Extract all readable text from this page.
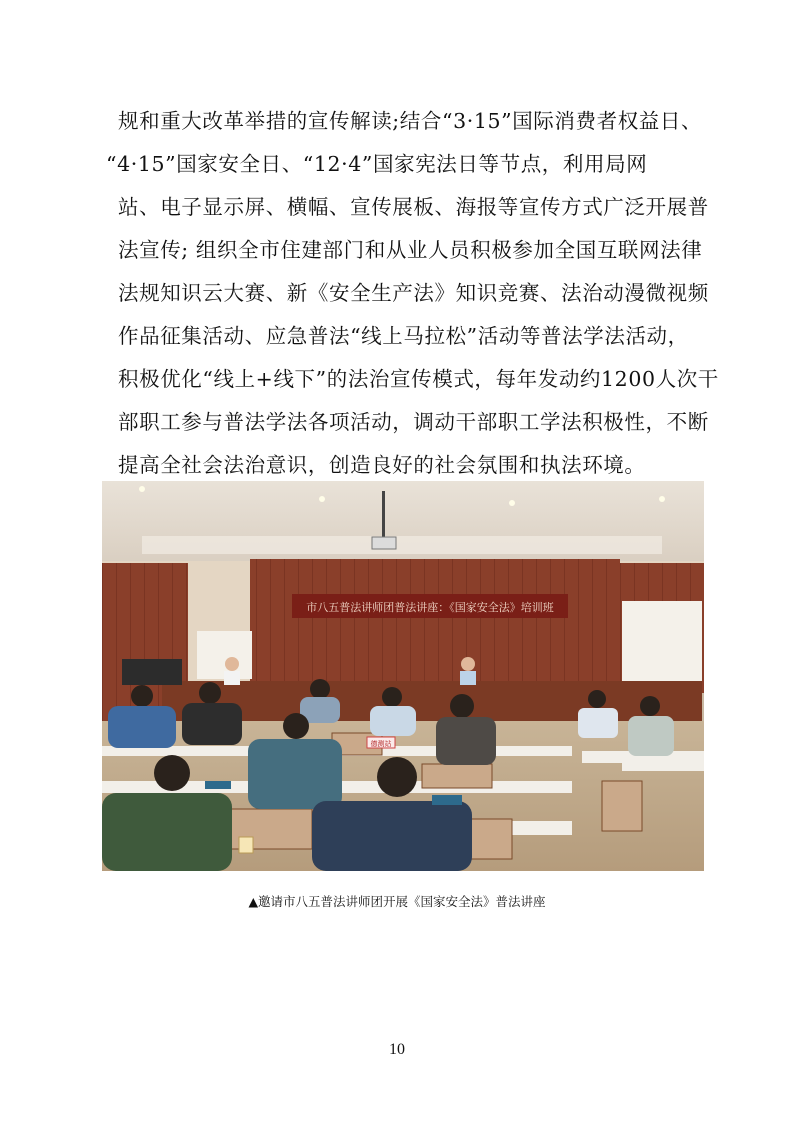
规和重大改革举措的宣传解读;结合“3·15”国际消费者权益日、
“4·15”国家安全日、“12·4”国家宪法日等节点，利用局网
站、电子显示屏、横幅、宣传展板、海报等宣传方式广泛开展普
法宣传; 组织全市住建部门和从业人员积极参加全国互联网法律
法规知识云大赛、新《安全生产法》知识竞赛、法治动漫微视频
作品征集活动、应急普法“线上马拉松”活动等普法学法活动，
积极优化“线上+线下”的法治宣传模式，每年发动约1200人次干
部职工参与普法学法各项活动，调动干部职工学法积极性，不断
提高全社会法治意识，创造良好的社会氛围和执法环境。
市八五普法讲师团普法讲座：《国家安全法》培训班
德测站
▲邀请市八五普法讲师团开展《国家安全法》普法讲座
10
